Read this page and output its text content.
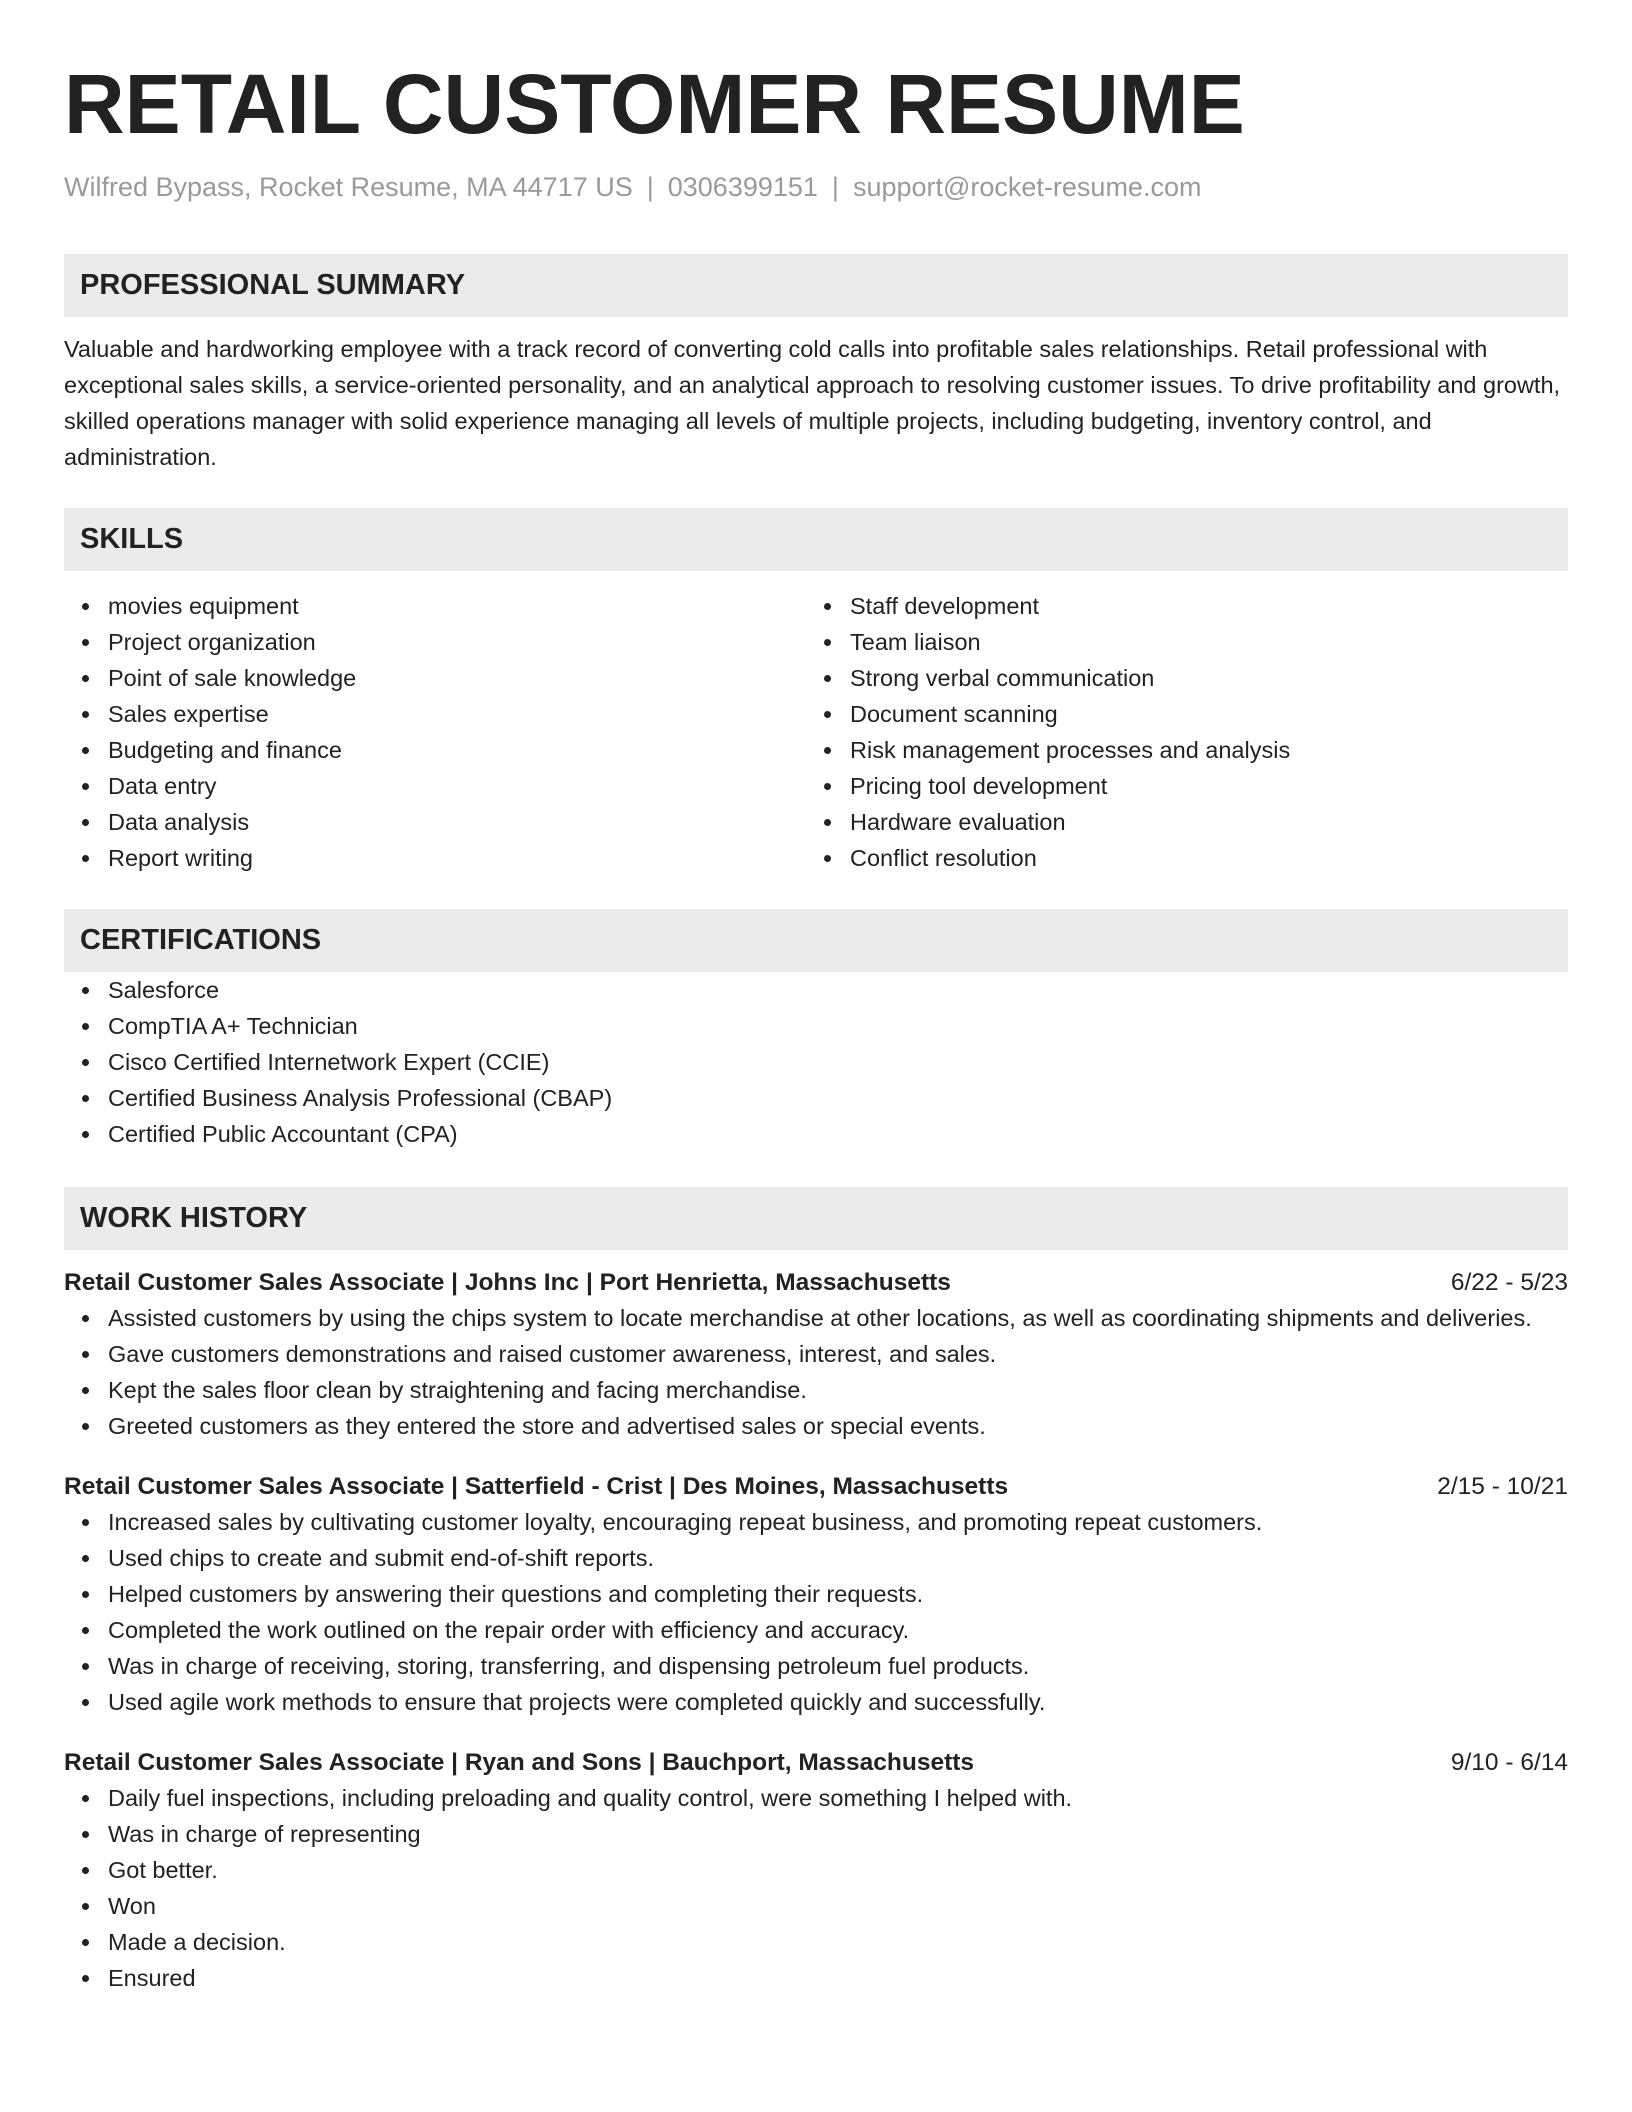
RETAIL CUSTOMER RESUME
Wilfred Bypass, Rocket Resume, MA 44717 US | 0306399151 | support@rocket-resume.com
PROFESSIONAL SUMMARY
Valuable and hardworking employee with a track record of converting cold calls into profitable sales relationships. Retail professional with exceptional sales skills, a service-oriented personality, and an analytical approach to resolving customer issues. To drive profitability and growth, skilled operations manager with solid experience managing all levels of multiple projects, including budgeting, inventory control, and administration.
SKILLS
movies equipment
Project organization
Point of sale knowledge
Sales expertise
Budgeting and finance
Data entry
Data analysis
Report writing
Staff development
Team liaison
Strong verbal communication
Document scanning
Risk management processes and analysis
Pricing tool development
Hardware evaluation
Conflict resolution
CERTIFICATIONS
Salesforce
CompTIA A+ Technician
Cisco Certified Internetwork Expert (CCIE)
Certified Business Analysis Professional (CBAP)
Certified Public Accountant (CPA)
WORK HISTORY
Retail Customer Sales Associate | Johns Inc | Port Henrietta, Massachusetts	6/22 - 5/23
Assisted customers by using the chips system to locate merchandise at other locations, as well as coordinating shipments and deliveries.
Gave customers demonstrations and raised customer awareness, interest, and sales.
Kept the sales floor clean by straightening and facing merchandise.
Greeted customers as they entered the store and advertised sales or special events.
Retail Customer Sales Associate | Satterfield - Crist | Des Moines, Massachusetts	2/15 - 10/21
Increased sales by cultivating customer loyalty, encouraging repeat business, and promoting repeat customers.
Used chips to create and submit end-of-shift reports.
Helped customers by answering their questions and completing their requests.
Completed the work outlined on the repair order with efficiency and accuracy.
Was in charge of receiving, storing, transferring, and dispensing petroleum fuel products.
Used agile work methods to ensure that projects were completed quickly and successfully.
Retail Customer Sales Associate | Ryan and Sons | Bauchport, Massachusetts	9/10 - 6/14
Daily fuel inspections, including preloading and quality control, were something I helped with.
Was in charge of representing
Got better.
Won
Made a decision.
Ensured
